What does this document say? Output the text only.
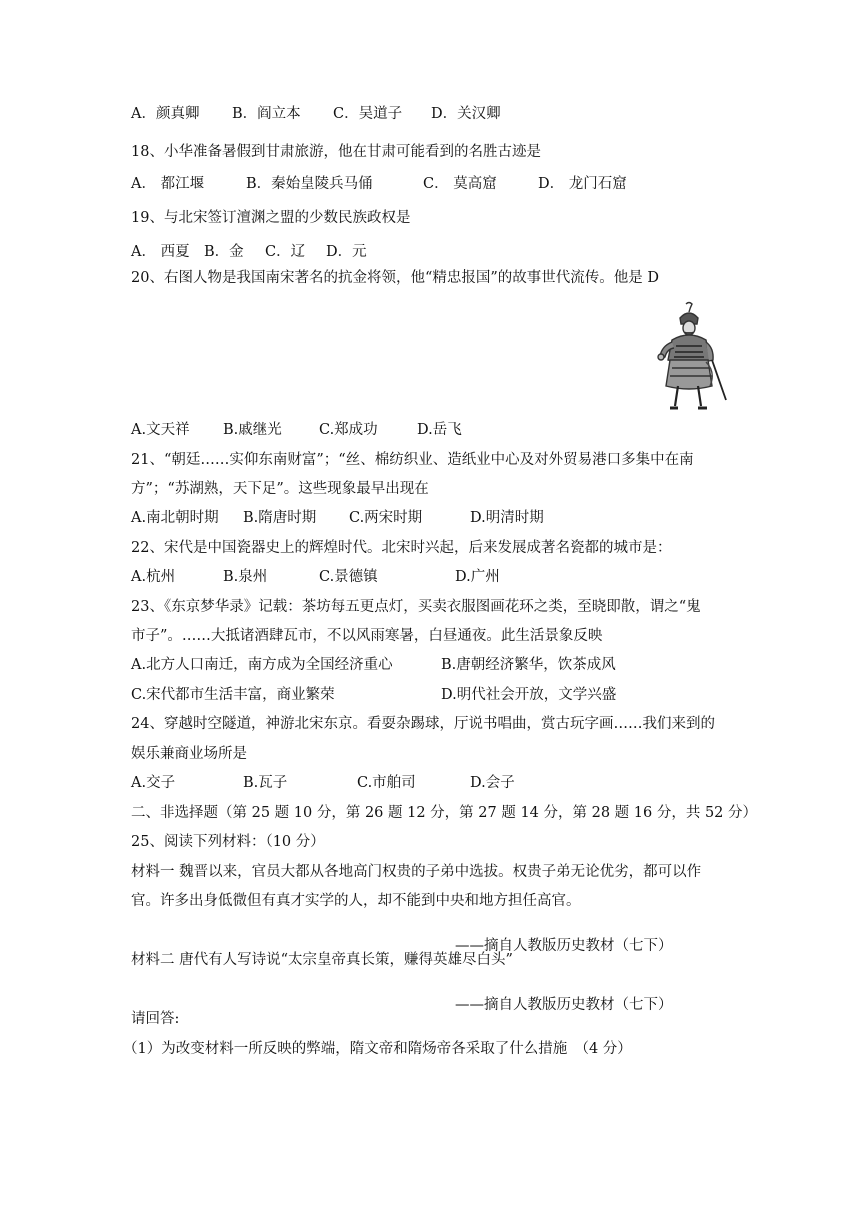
A．颜真卿 B．阎立本 C．吴道子 D．关汉卿

18、小华准备暑假到甘肃旅游，他在甘肃可能看到的名胜古迹是

A． 都江堰	B．秦始皇陵兵马俑	C． 莫高窟	D． 龙门石窟

19、与北宋签订澶渊之盟的少数民族政权是

A． 西夏 B．金 C．辽 D．元

20、右图人物是我国南宋著名的抗金将领，他“精忠报国”的故事世代流传。他是 D

A.文天祥 B.戚继光	C.郑成功	D.岳飞

21、“朝廷……实仰东南财富”；“丝、棉纺织业、造纸业中心及对外贸易港口多集中在南

方”；“苏湖熟，天下足”。这些现象最早出现在

A.南北朝时期 B.隋唐时期 C.两宋时期	D.明清时期

22、宋代是中国瓷器史上的辉煌时代。北宋时兴起，后来发展成著名瓷都的城市是：

A.杭州	B.泉州	C.景德镇	D.广州

23、《东京梦华录》记载：茶坊每五更点灯，买卖衣服图画花环之类，至晓即散，谓之“鬼

市子”。……大抵诸酒肆瓦市，不以风雨寒暑，白昼通夜。此生活景象反映

A.北方人口南迁，南方成为全国经济重心	B.唐朝经济繁华，饮茶成风
C.宋代都市生活丰富，商业繁荣	D.明代社会开放，文学兴盛

24、穿越时空隧道，神游北宋东京。看耍杂踢球，厅说书唱曲，赏古玩字画……我们来到的

娱乐兼商业场所是

A.交子	B.瓦子	C.市舶司	D.会子

二、非选择题（第 25 题 10 分，第 26 题 12 分，第 27 题 14 分，第 28 题 16 分，共 52 分）

25、阅读下列材料：（10 分）

材料一 魏晋以来，官员大都从各地高门权贵的子弟中选拔。权贵子弟无论优劣，都可以作

官。许多出身低微但有真才实学的人，却不能到中央和地方担任高官。

——摘自人教版历史教材（七下）

材料二 唐代有人写诗说“太宗皇帝真长策，赚得英雄尽白头”

——摘自人教版历史教材（七下）

请回答:

（1）为改变材料一所反映的弊端，隋文帝和隋炀帝各采取了什么措施　（4 分）
